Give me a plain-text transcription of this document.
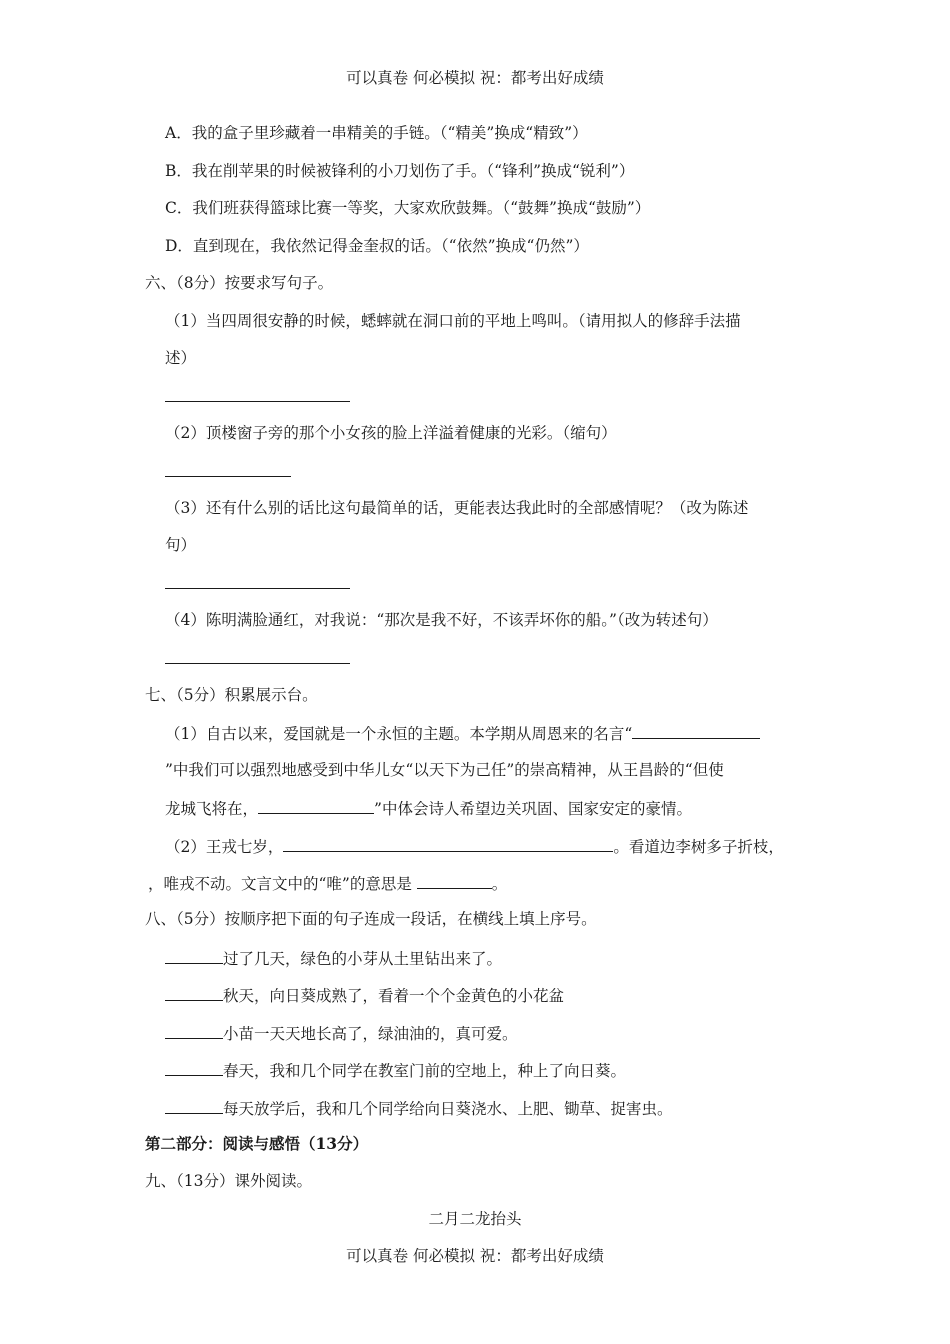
可以真卷 何必模拟 祝：都考出好成绩
A．我的盒子里珍藏着一串精美的手链。（“精美”换成“精致”）
B．我在削苹果的时候被锋利的小刀划伤了手。（“锋利”换成“锐利”）
C．我们班获得篮球比赛一等奖，大家欢欣鼓舞。（“鼓舞”换成“鼓励”）
D．直到现在，我依然记得金奎叔的话。（“依然”换成“仍然”）
六、（8分）按要求写句子。
（1）当四周很安静的时候，蟋蟀就在洞口前的平地上鸣叫。（请用拟人的修辞手法描
述）
（2）顶楼窗子旁的那个小女孩的脸上洋溢着健康的光彩。（缩句）
（3）还有什么别的话比这句最简单的话，更能表达我此时的全部感情呢？（改为陈述
句）
（4）陈明满脸通红，对我说：“那次是我不好，不该弄坏你的船。”（改为转述句）
七、（5分）积累展示台。
（1）自古以来，爱国就是一个永恒的主题。本学期从周恩来的名言“
”中我们可以强烈地感受到中华儿女“以天下为己任”的崇高精神，从王昌龄的“但使
龙城飞将在，	”中体会诗人希望边关巩固、国家安定的豪情。
（2）王戎七岁，	。看道边李树多子折枝，
，唯戎不动。文言文中的“唯”的意思是	。
八、（5分）按顺序把下面的句子连成一段话，在横线上填上序号。
过了几天，绿色的小芽从土里钻出来了。
秋天，向日葵成熟了，看着一个个金黄色的小花盆
小苗一天天地长高了，绿油油的，真可爱。
春天，我和几个同学在教室门前的空地上，种上了向日葵。
每天放学后，我和几个同学给向日葵浇水、上肥、锄草、捉害虫。
第二部分：阅读与感悟（13分）
九、（13分）课外阅读。
二月二龙抬头
可以真卷 何必模拟 祝：都考出好成绩
